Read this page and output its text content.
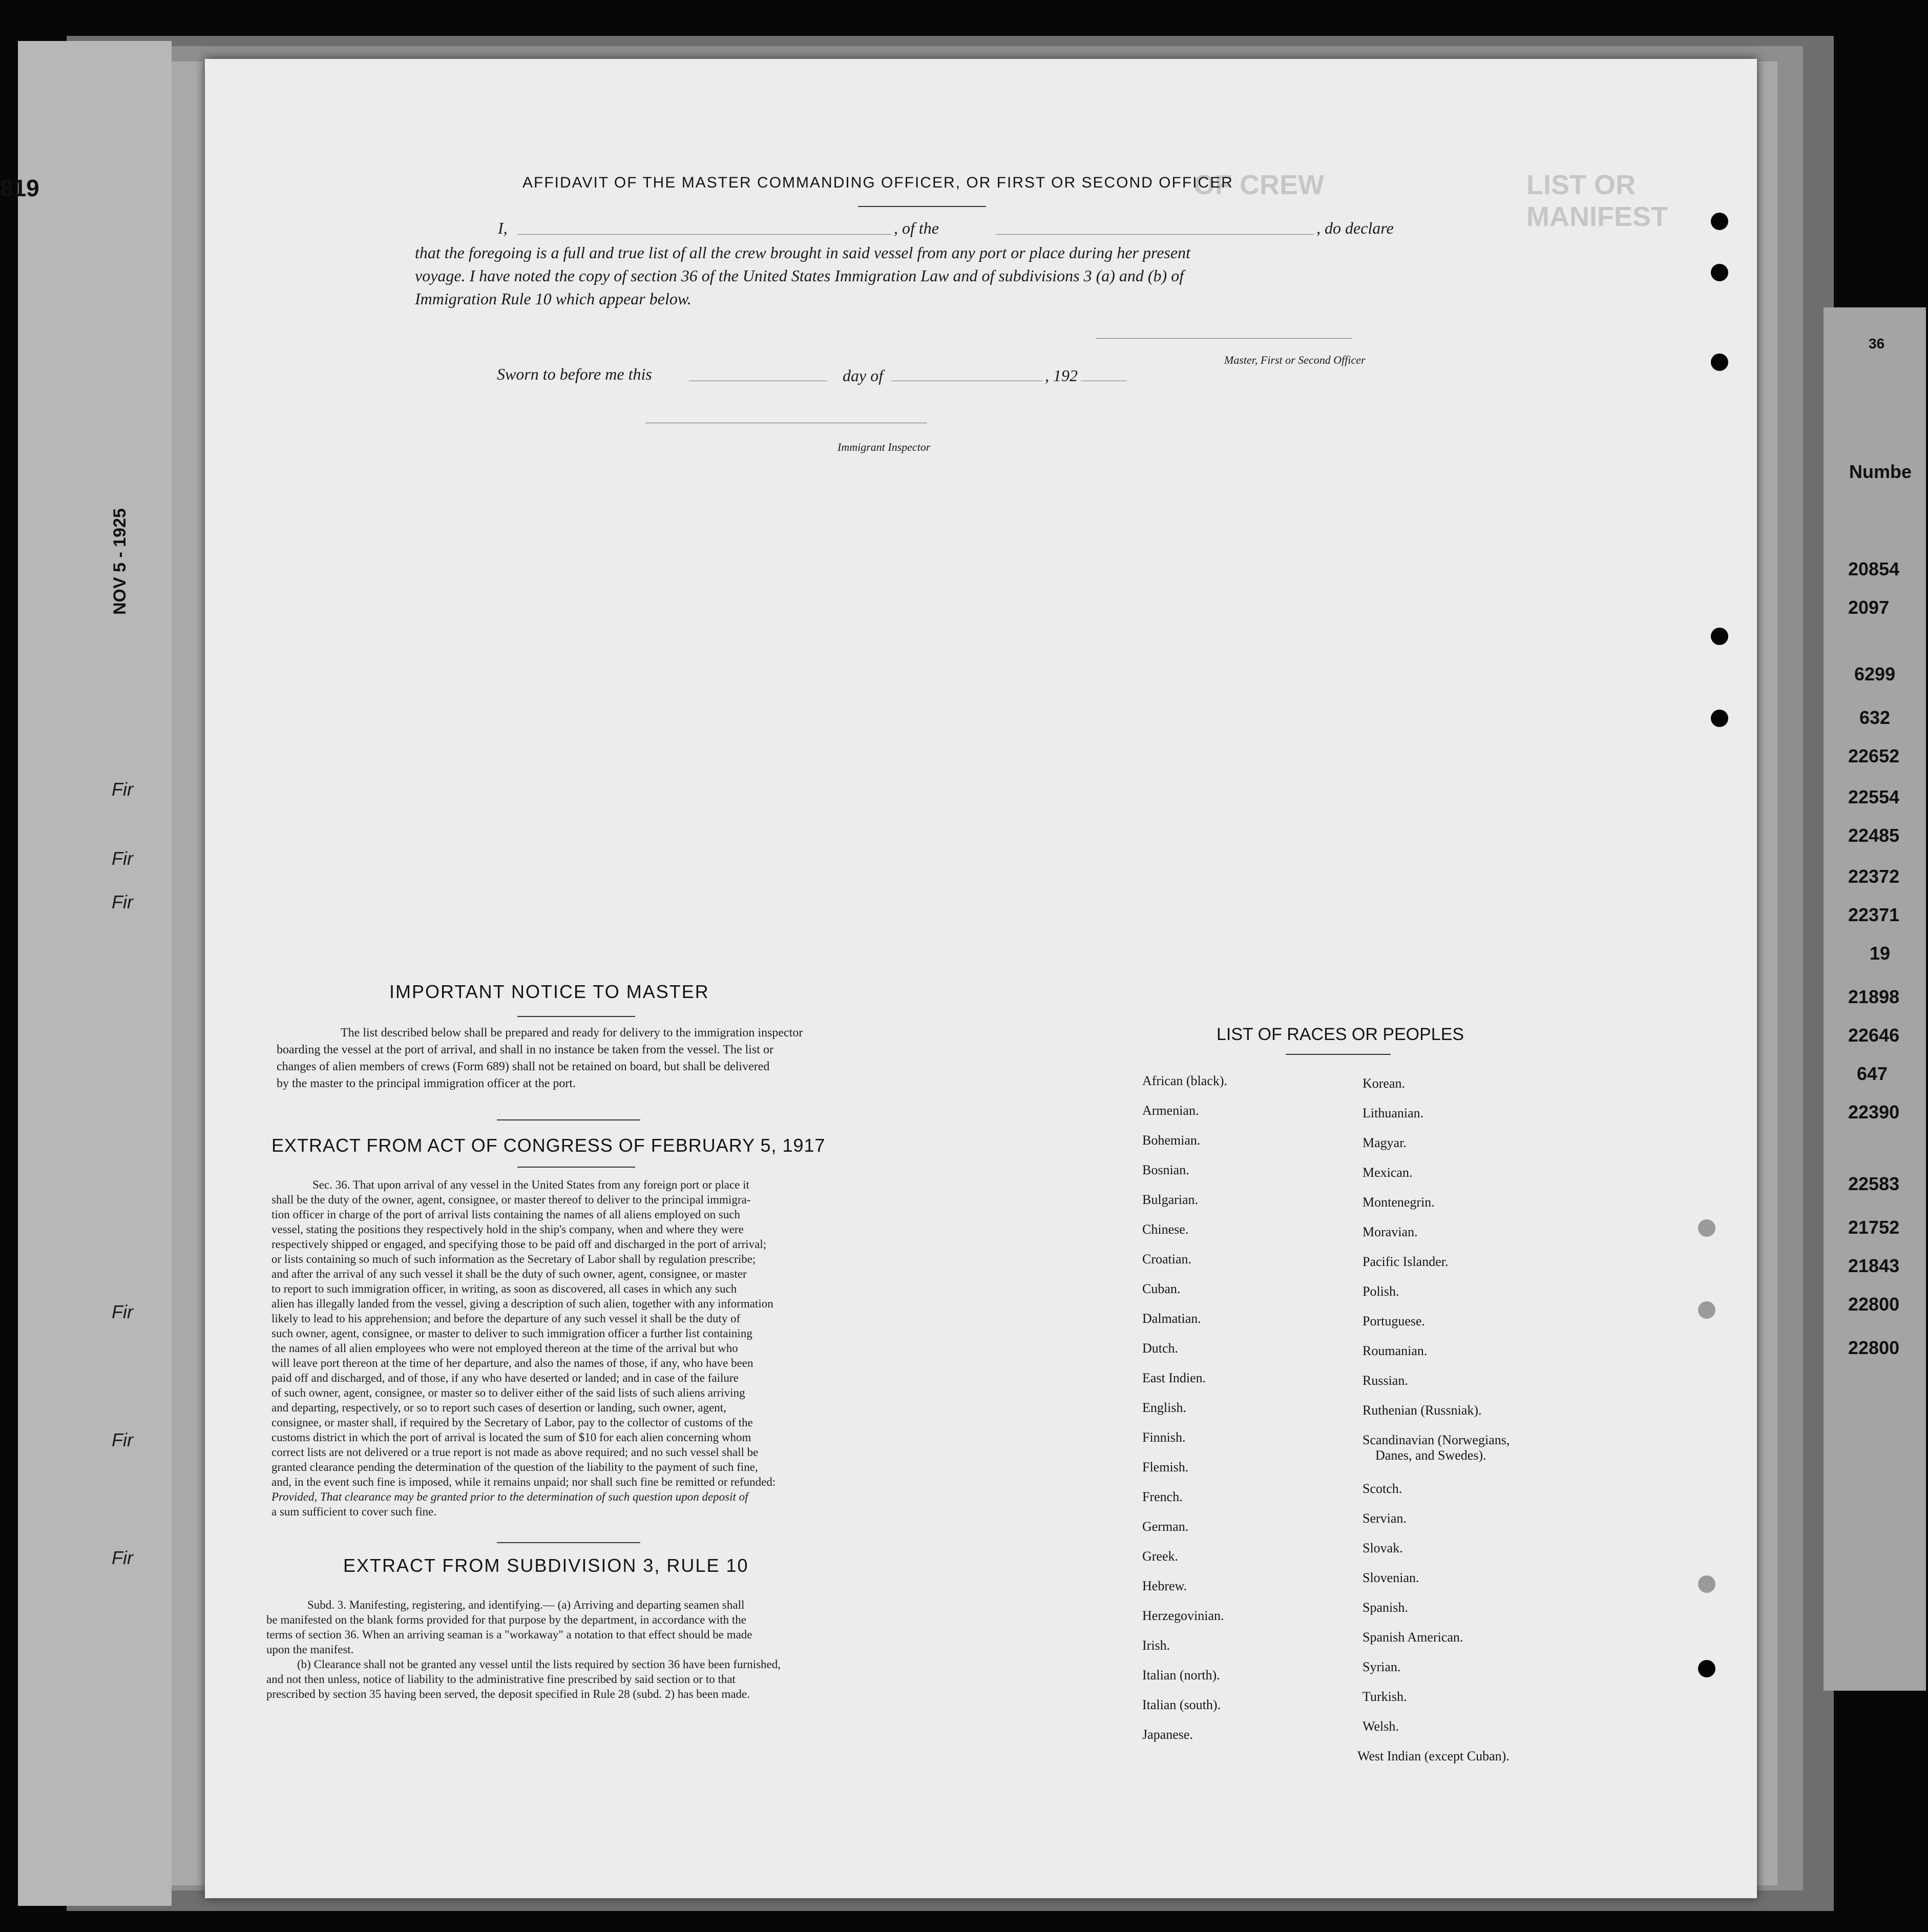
819
NOV 5 - 1925
Fir
Fir
Fir
Fir
Fir
Fir
36
Numbe
20854
2097
6299
632
22652
22554
22485
22372
22371
19
21898
22646
647
22390
22583
21752
21843
22800
22800
LIST OR MANIFEST
OF CREW
AFFIDAVIT OF THE MASTER COMMANDING OFFICER, OR FIRST OR SECOND OFFICER
I,	, of the	, do declare
that the foregoing is a full and true list of all the crew brought in said vessel from any port or place during her present
voyage. I have noted the copy of section 36 of the United States Immigration Law and of subdivisions 3 (a) and (b) of
Immigration Rule 10 which appear below.
Master, First or Second Officer
Sworn to before me this	day of	, 192
Immigrant Inspector
IMPORTANT NOTICE TO MASTER
The list described below shall be prepared and ready for delivery to the immigration inspector
boarding the vessel at the port of arrival, and shall in no instance be taken from the vessel. The list or
changes of alien members of crews (Form 689) shall not be retained on board, but shall be delivered
by the master to the principal immigration officer at the port.
EXTRACT FROM ACT OF CONGRESS OF FEBRUARY 5, 1917
Sec. 36. That upon arrival of any vessel in the United States from any foreign port or place it
shall be the duty of the owner, agent, consignee, or master thereof to deliver to the principal immigra-
tion officer in charge of the port of arrival lists containing the names of all aliens employed on such
vessel, stating the positions they respectively hold in the ship's company, when and where they were
respectively shipped or engaged, and specifying those to be paid off and discharged in the port of arrival;
or lists containing so much of such information as the Secretary of Labor shall by regulation prescribe;
and after the arrival of any such vessel it shall be the duty of such owner, agent, consignee, or master
to report to such immigration officer, in writing, as soon as discovered, all cases in which any such
alien has illegally landed from the vessel, giving a description of such alien, together with any information
likely to lead to his apprehension; and before the departure of any such vessel it shall be the duty of
such owner, agent, consignee, or master to deliver to such immigration officer a further list containing
the names of all alien employees who were not employed thereon at the time of the arrival but who
will leave port thereon at the time of her departure, and also the names of those, if any, who have been
paid off and discharged, and of those, if any who have deserted or landed; and in case of the failure
of such owner, agent, consignee, or master so to deliver either of the said lists of such aliens arriving
and departing, respectively, or so to report such cases of desertion or landing, such owner, agent,
consignee, or master shall, if required by the Secretary of Labor, pay to the collector of customs of the
customs district in which the port of arrival is located the sum of $10 for each alien concerning whom
correct lists are not delivered or a true report is not made as above required; and no such vessel shall be
granted clearance pending the determination of the question of the liability to the payment of such fine,
and, in the event such fine is imposed, while it remains unpaid; nor shall such fine be remitted or refunded:
Provided, That clearance may be granted prior to the determination of such question upon deposit of
a sum sufficient to cover such fine.
EXTRACT FROM SUBDIVISION 3, RULE 10
Subd. 3. Manifesting, registering, and identifying.— (a) Arriving and departing seamen shall
be manifested on the blank forms provided for that purpose by the department, in accordance with the
terms of section 36. When an arriving seaman is a "workaway" a notation to that effect should be made
upon the manifest.
(b) Clearance shall not be granted any vessel until the lists required by section 36 have been furnished,
and not then unless, notice of liability to the administrative fine prescribed by said section or to that
prescribed by section 35 having been served, the deposit specified in Rule 28 (subd. 2) has been made.
LIST OF RACES OR PEOPLES
African (black).
Armenian.
Bohemian.
Bosnian.
Bulgarian.
Chinese.
Croatian.
Cuban.
Dalmatian.
Dutch.
East Indien.
English.
Finnish.
Flemish.
French.
German.
Greek.
Hebrew.
Herzegovinian.
Irish.
Italian (north).
Italian (south).
Japanese.
Korean.
Lithuanian.
Magyar.
Mexican.
Montenegrin.
Moravian.
Pacific Islander.
Polish.
Portuguese.
Roumanian.
Russian.
Ruthenian (Russniak).
Scandinavian (Norwegians,
Danes, and Swedes).
Scotch.
Servian.
Slovak.
Slovenian.
Spanish.
Spanish American.
Syrian.
Turkish.
Welsh.
West Indian (except Cuban).
